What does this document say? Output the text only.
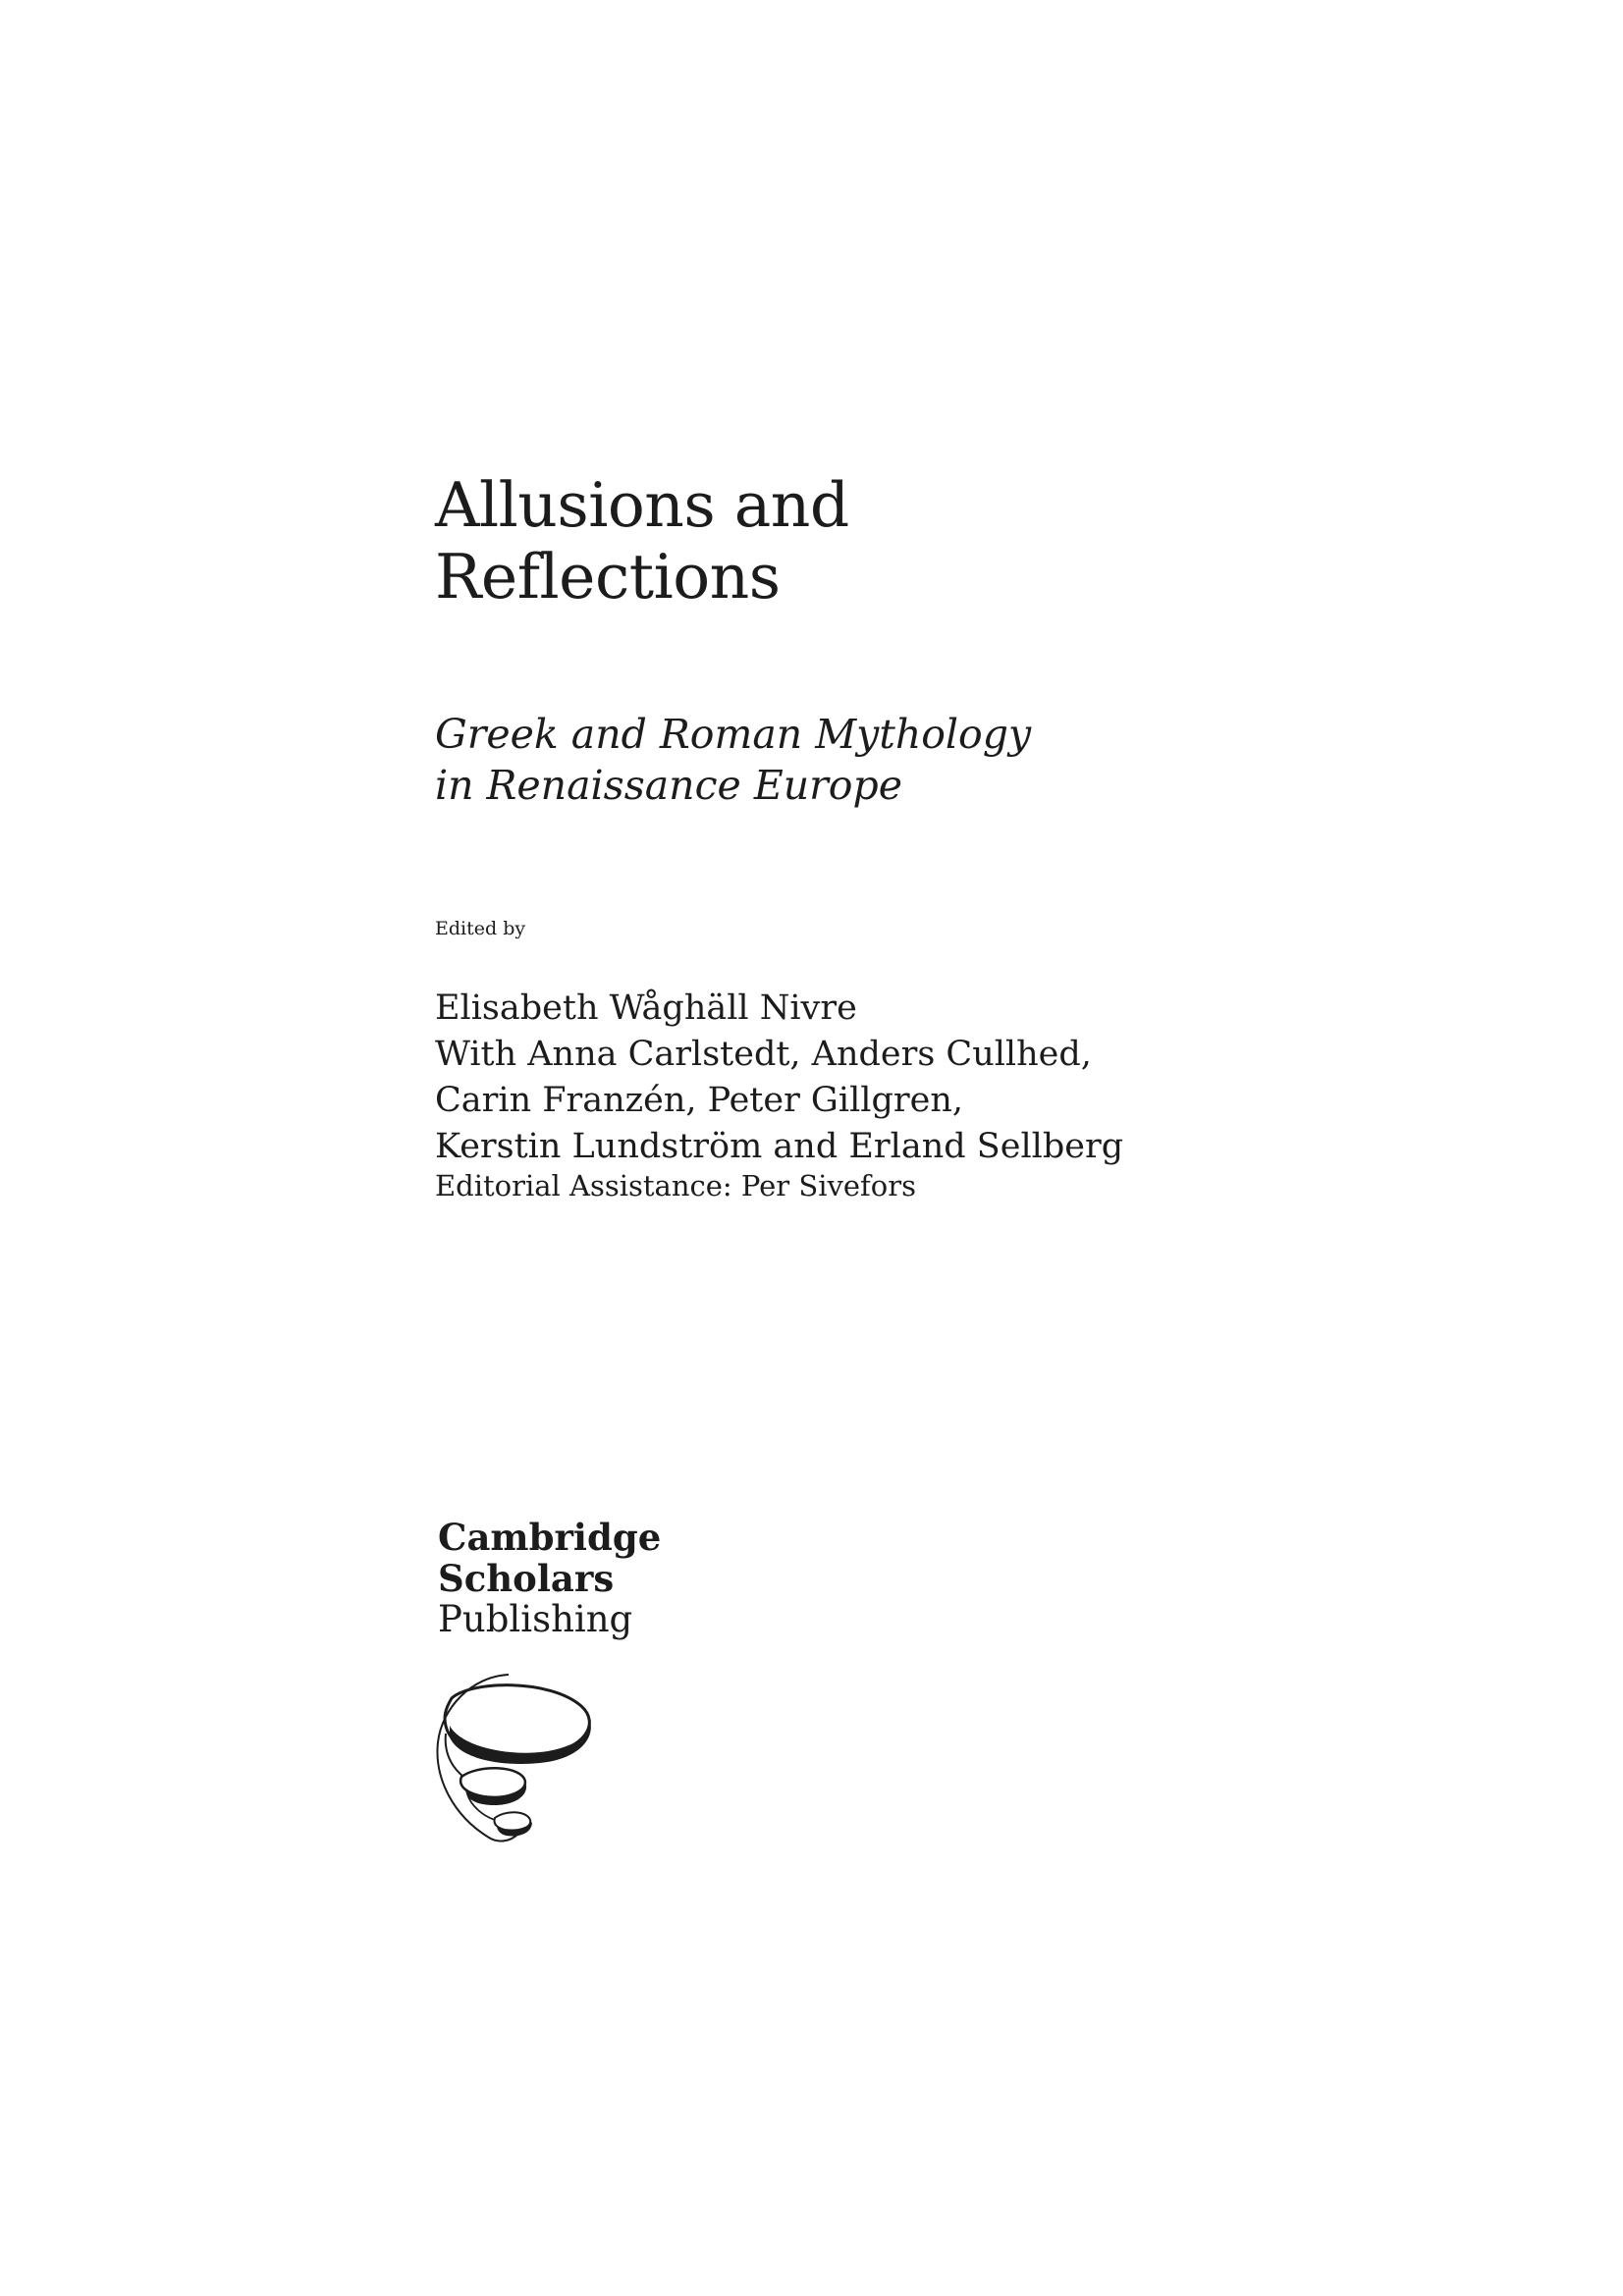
Allusions and
Reflections
Greek and Roman Mythology
in Renaissance Europe
Edited by
Elisabeth Wåghäll Nivre
With Anna Carlstedt, Anders Cullhed,
Carin Franzén, Peter Gillgren,
Kerstin Lundström and Erland Sellberg
Editorial Assistance: Per Sivefors
Cambridge
Scholars
Publishing
